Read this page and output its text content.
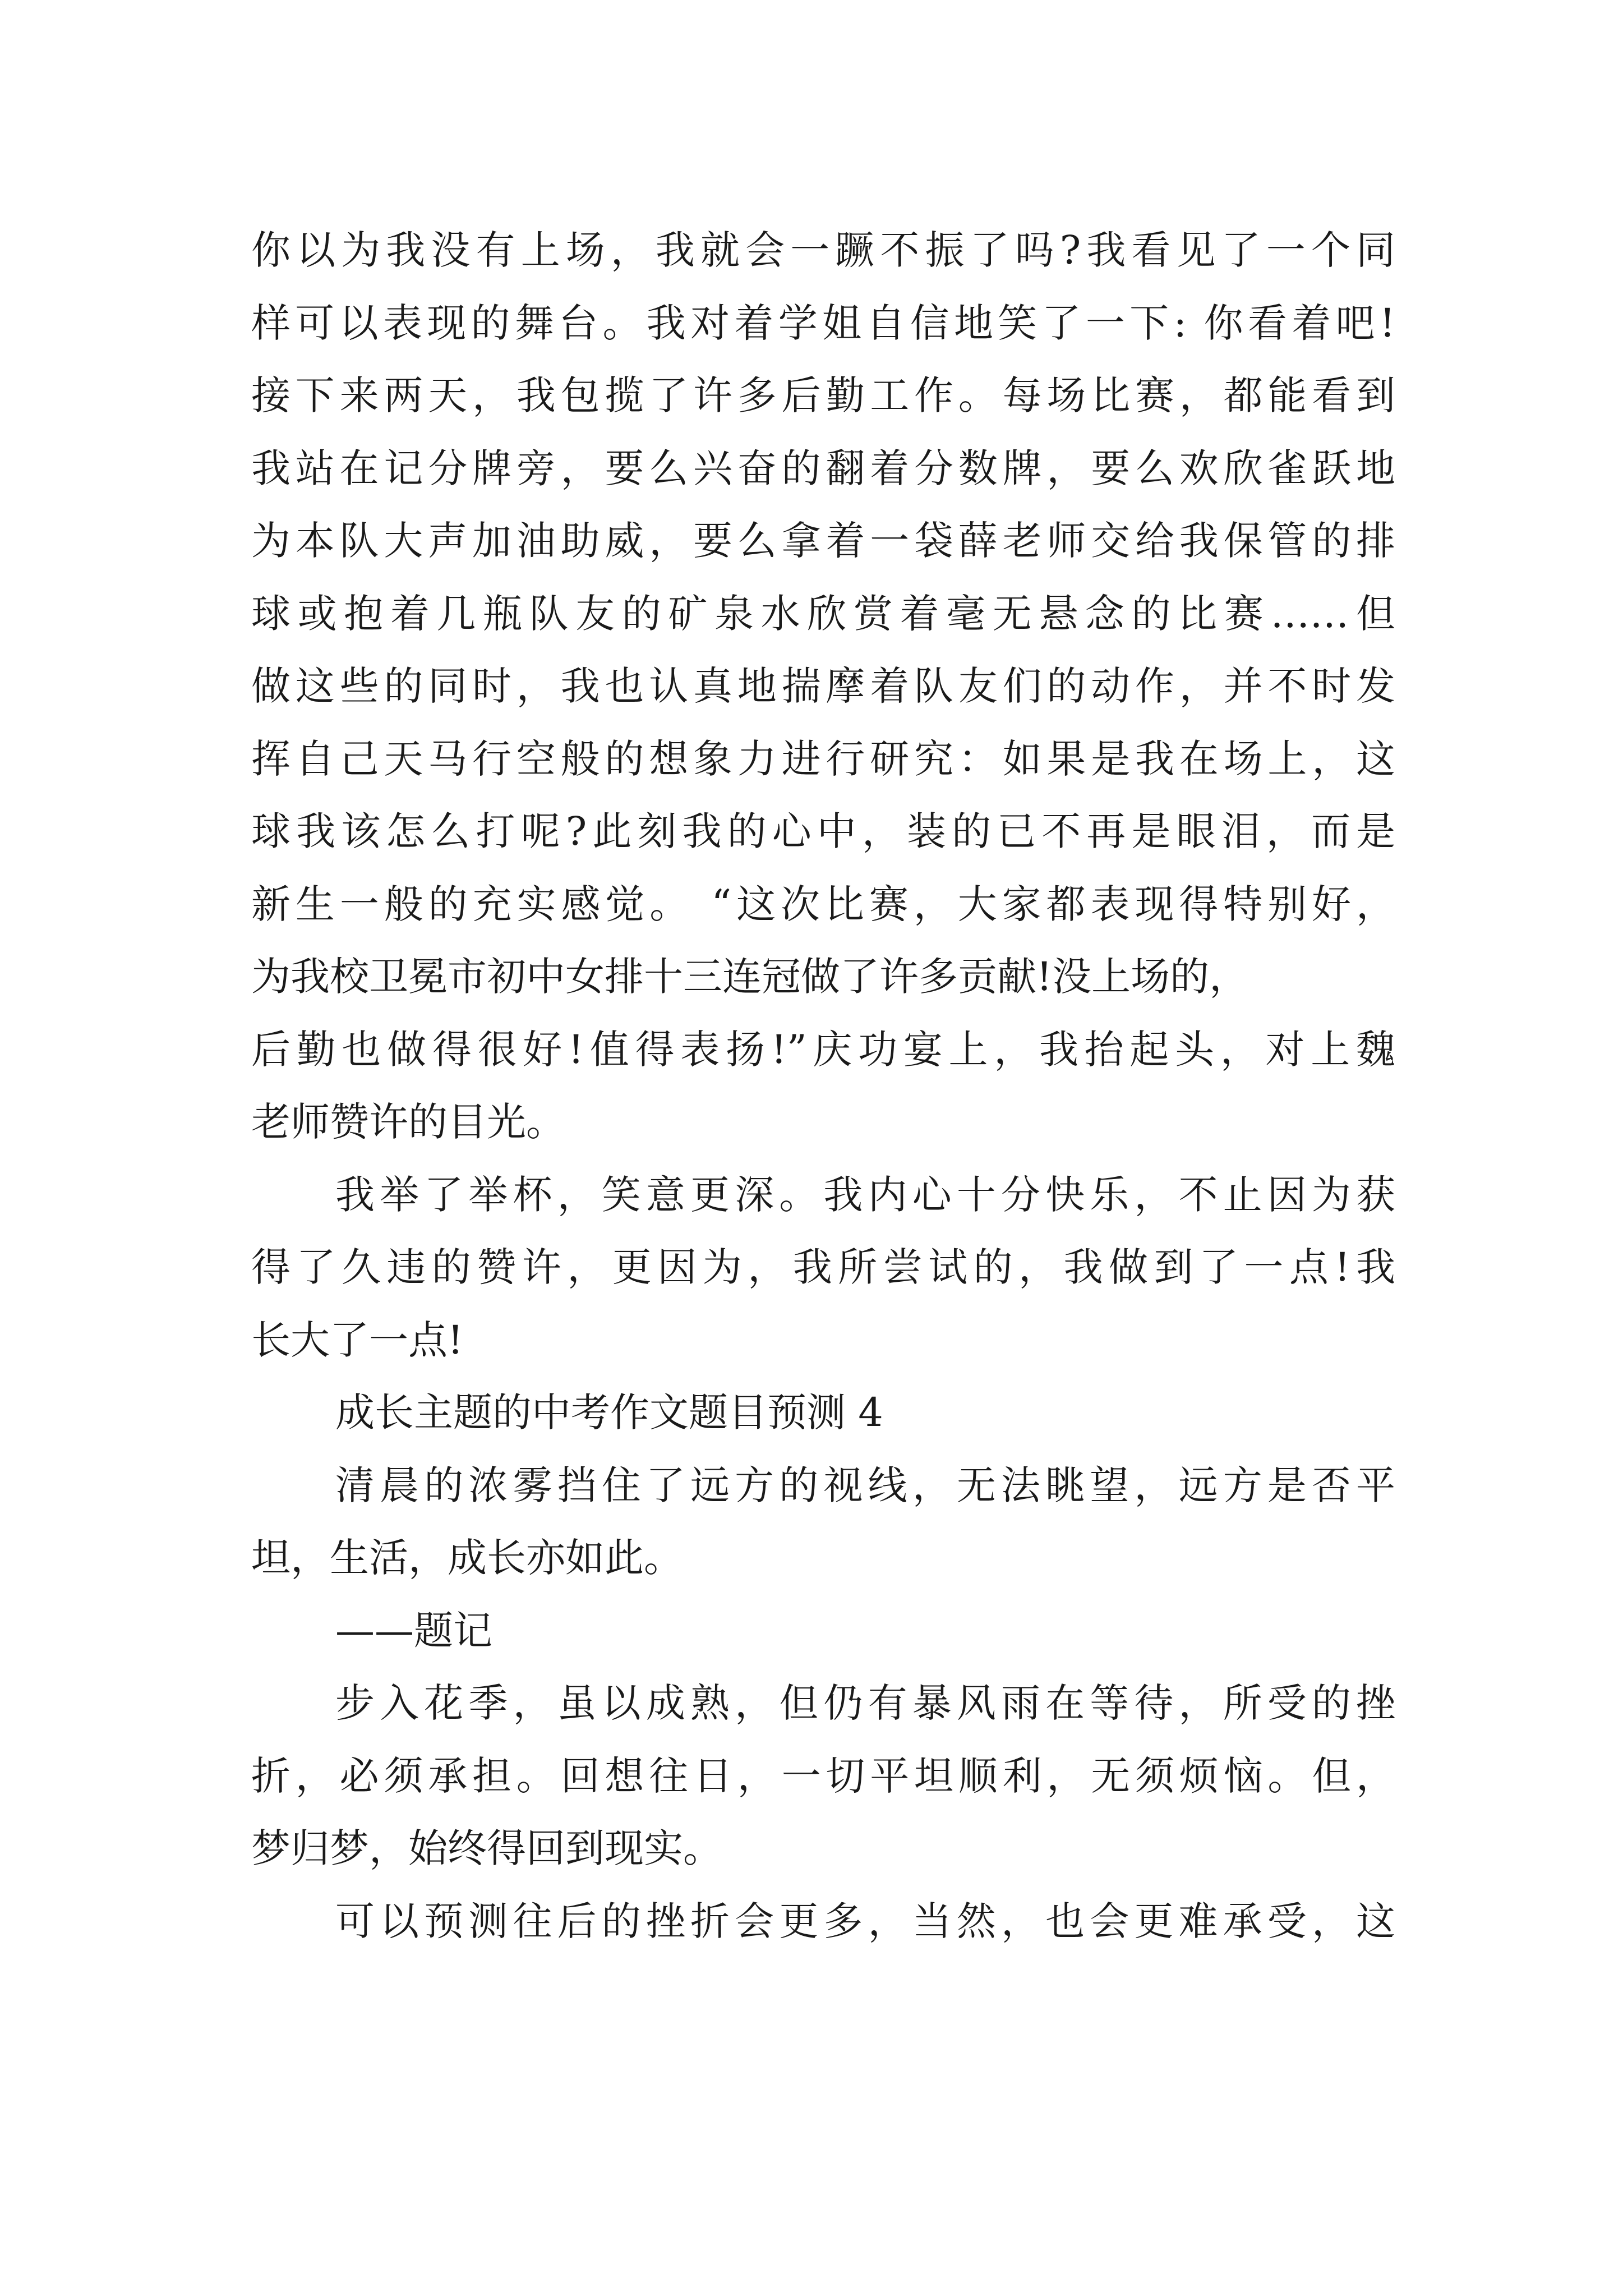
你以为我没有上场，我就会一蹶不振了吗?我看见了一个同
样可以表现的舞台。我对着学姐自信地笑了一下: 你看着吧!
接下来两天，我包揽了许多后勤工作。每场比赛，都能看到
我站在记分牌旁，要么兴奋的翻着分数牌，要么欢欣雀跃地
为本队大声加油助威，要么拿着一袋薛老师交给我保管的排
球或抱着几瓶队友的矿泉水欣赏着毫无悬念的比赛……但
做这些的同时，我也认真地揣摩着队友们的动作，并不时发
挥自己天马行空般的想象力进行研究：如果是我在场上，这
球我该怎么打呢?此刻我的心中，装的已不再是眼泪，而是
新生一般的充实感觉。 “这次比赛，大家都表现得特别好，
为我校卫冕市初中女排十三连冠做了许多贡献!没上场的，
后勤也做得很好!值得表扬!”庆功宴上，我抬起头，对上魏
老师赞许的目光。
我举了举杯，笑意更深。我内心十分快乐，不止因为获
得了久违的赞许，更因为，我所尝试的，我做到了一点!我
长大了一点!
成长主题的中考作文题目预测 4
清晨的浓雾挡住了远方的视线，无法眺望，远方是否平
坦，生活，成长亦如此。
——题记
步入花季，虽以成熟，但仍有暴风雨在等待，所受的挫
折，必须承担。回想往日，一切平坦顺利，无须烦恼。但，
梦归梦，始终得回到现实。
可以预测往后的挫折会更多，当然，也会更难承受，这
